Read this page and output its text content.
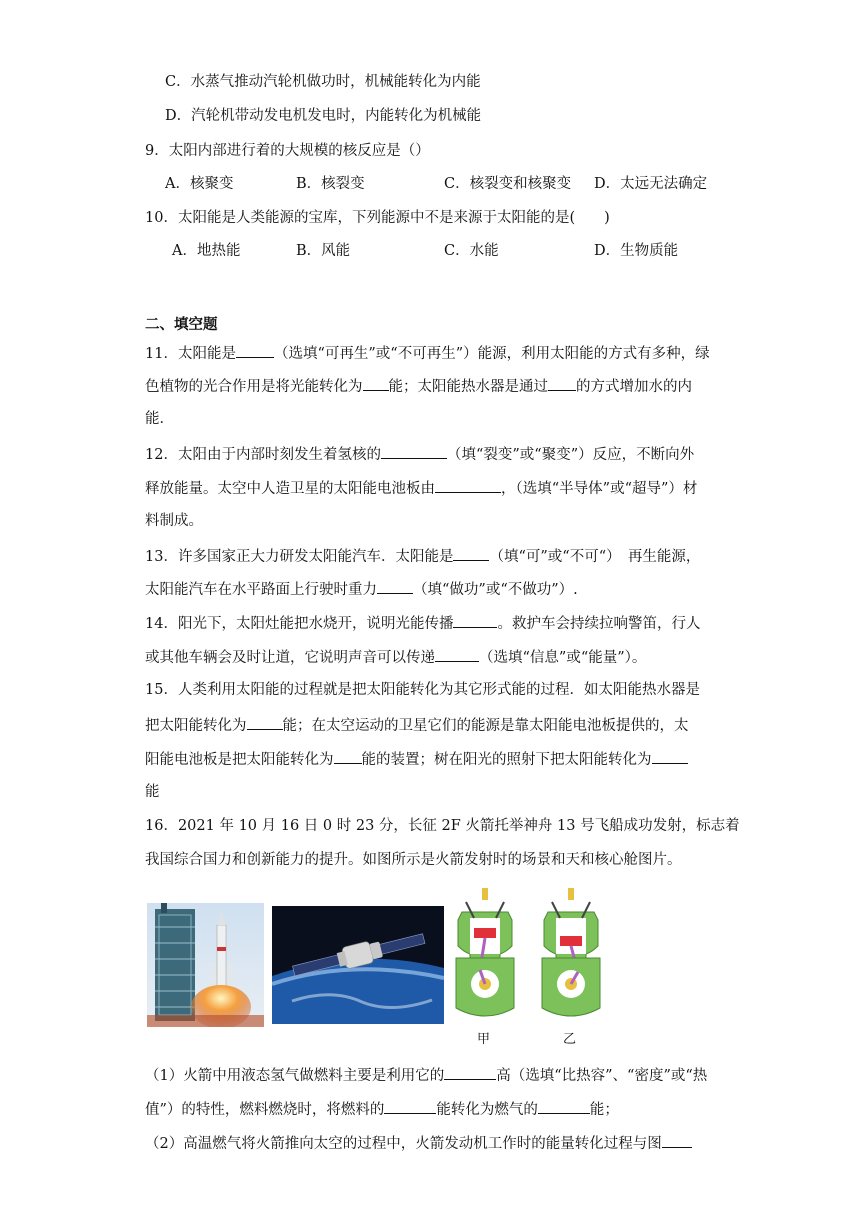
C．水蒸气推动汽轮机做功时，机械能转化为内能
D．汽轮机带动发电机发电时，内能转化为机械能
9．太阳内部进行着的大规模的核反应是（）
A．核聚变	B．核裂变	C．核裂变和核聚变 D．太远无法确定
10．太阳能是人类能源的宝库，下列能源中不是来源于太阳能的是(　　)
A．地热能	B．风能	C．水能	D．生物质能
二、填空题
11．太阳能是	（选填“可再生”或“不可再生”）能源，利用太阳能的方式有多种，绿
色植物的光合作用是将光能转化为 能；太阳能热水器是通过 的方式增加水的内
能．
12．太阳由于内部时刻发生着氢核的	（填“裂变”或“聚变”）反应，不断向外
释放能量。太空中人造卫星的太阳能电池板由	，（选填“半导体”或“超导”）材
料制成。
13．许多国家正大力研发太阳能汽车．太阳能是 （填“可”或“不可“）　再生能源，
太阳能汽车在水平路面上行驶时重力 （填“做功”或“不做功”）.
14．阳光下，太阳灶能把水烧开，说明光能传播	。救护车会持续拉响警笛，行人
或其他车辆会及时让道，它说明声音可以传递	（选填“信息”或“能量”）。
15．人类利用太阳能的过程就是把太阳能转化为其它形式能的过程．如太阳能热水器是
把太阳能转化为 能；在太空运动的卫星它们的能源是靠太阳能电池板提供的，太
阳能电池板是把太阳能转化为 能的装置；树在阳光的照射下把太阳能转化为
能
16．2021 年 10 月 16 日 0 时 23 分，长征 2F 火箭托举神舟 13 号飞船成功发射，标志着
我国综合国力和创新能力的提升。如图所示是火箭发射时的场景和天和核心舱图片。
甲	乙
（1）火箭中用液态氢气做燃料主要是利用它的	高（选填“比热容”、“密度”或“热
值”）的特性，燃料燃烧时，将燃料的	能转化为燃气的	能；
（2）高温燃气将火箭推向太空的过程中，火箭发动机工作时的能量转化过程与图
